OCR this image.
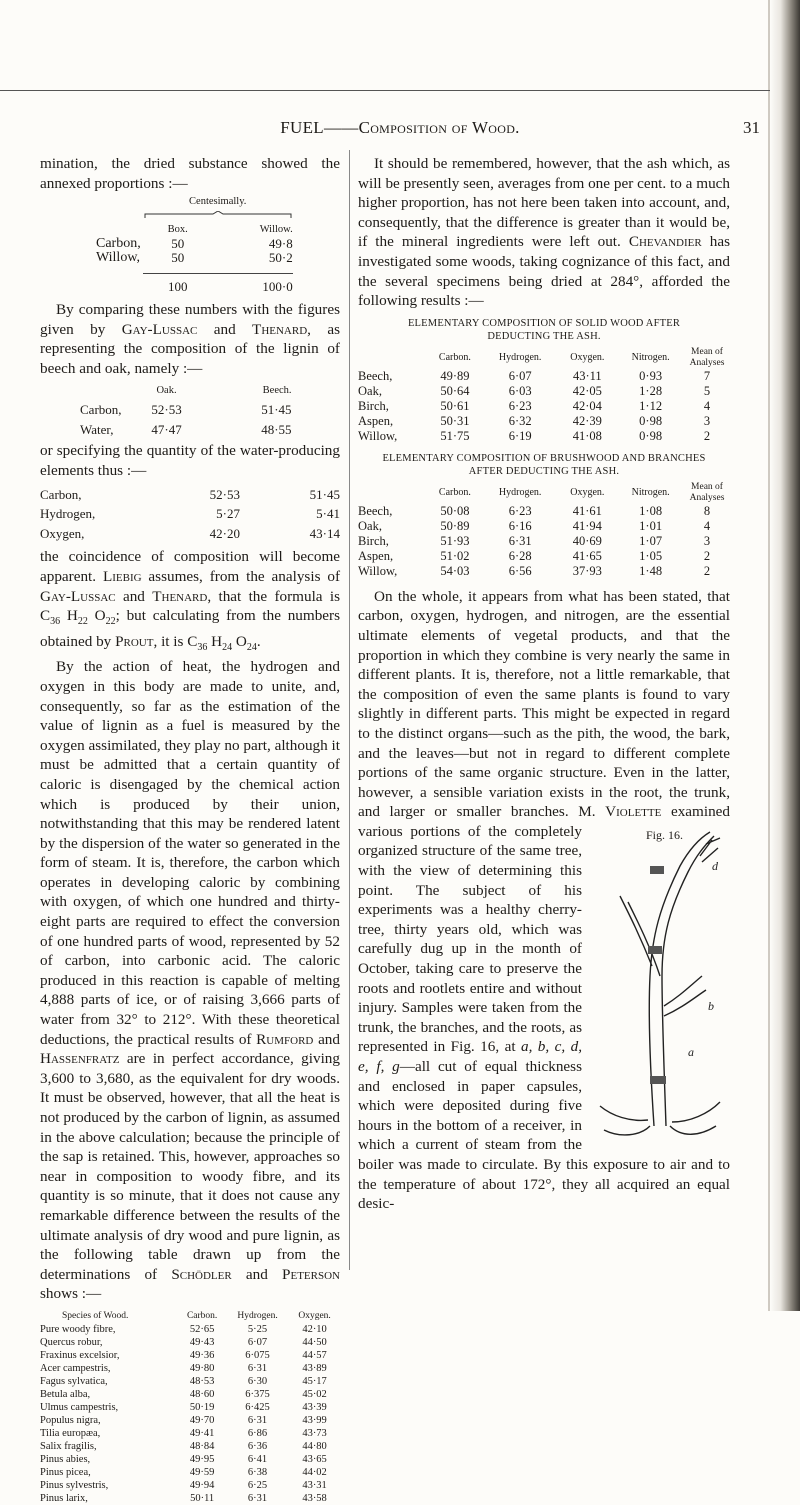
FUEL——Composition of Wood.	31

mination, the dried substance showed the annexed proportions :—

	Centesimally.	

	Box.	Willow.
Carbon,	50	49·8
Willow,	50	50·2

	100	100·0

By comparing these numbers with the figures given by Gay-Lussac and Thenard, as representing the composition of the lignin of beech and oak, namely :—

	Oak.	Beech.
Carbon,	52·53	51·45
Water,	47·47	48·55

or specifying the quantity of the water-producing elements thus :—

Carbon,	52·53	51·45
Hydrogen,	5·27	5·41
Oxygen,	42·20	43·14

the coincidence of composition will become apparent. Liebig assumes, from the analysis of Gay-Lussac and Thenard, that the formula is $C_{36}$ $H_{22}$ $O_{22}$; but calculating from the numbers obtained by Prout, it is $C_{36}$ $H_{24}$ $O_{24}$.

By the action of heat, the hydrogen and oxygen in this body are made to unite, and, consequently, so far as the estimation of the value of lignin as a fuel is measured by the oxygen assimilated, they play no part, although it must be admitted that a certain quantity of caloric is disengaged by the chemical action which is produced by their union, notwithstanding that this may be rendered latent by the dispersion of the water so generated in the form of steam. It is, therefore, the carbon which operates in developing caloric by combining with oxygen, of which one hundred and thirty-eight parts are required to effect the conversion of one hundred parts of wood, represented by 52 of carbon, into carbonic acid. The caloric produced in this reaction is capable of melting 4,888 parts of ice, or of raising 3,666 parts of water from 32° to 212°. With these theoretical deductions, the practical results of Rumford and Hassenfratz are in perfect accordance, giving 3,600 to 3,680, as the equivalent for dry woods. It must be observed, however, that all the heat is not produced by the carbon of lignin, as assumed in the above calculation; because the principle of the sap is retained. This, however, approaches so near in composition to woody fibre, and its quantity is so minute, that it does not cause any remarkable difference between the results of the ultimate analysis of dry wood and pure lignin, as the following table drawn up from the determinations of Schödler and Peterson shows :—

Species of Wood.	Carbon.	Hydrogen.	Oxygen.
Pure woody fibre,	52·65	5·25	42·10
Quercus robur,	49·43	6·07	44·50
Fraxinus excelsior,	49·36	6·075	44·57
Acer campestris,	49·80	6·31	43·89
Fagus sylvatica,	48·53	6·30	45·17
Betula alba,	48·60	6·375	45·02
Ulmus campestris,	50·19	6·425	43·39
Populus nigra,	49·70	6·31	43·99
Tilia europæa,	49·41	6·86	43·73
Salix fragilis,	48·84	6·36	44·80
Pinus abies,	49·95	6·41	43·65
Pinus picea,	49·59	6·38	44·02
Pinus sylvestris,	49·94	6·25	43·31
Pinus larix,	50·11	6·31	43·58

It should be remembered, however, that the ash which, as will be presently seen, averages from one per cent. to a much higher proportion, has not here been taken into account, and, consequently, that the difference is greater than it would be, if the mineral ingredients were left out. Chevandier has investigated some woods, taking cognizance of this fact, and the several specimens being dried at 284°, afforded the following results :—

ELEMENTARY COMPOSITION OF SOLID WOOD AFTER
DEDUCTING THE ASH.
	Carbon.	Hydrogen.	Oxygen.	Nitrogen.	Mean of Analyses
Beech,	49·89	6·07	43·11	0·93	7
Oak,	50·64	6·03	42·05	1·28	5
Birch,	50·61	6·23	42·04	1·12	4
Aspen,	50·31	6·32	42·39	0·98	3
Willow,	51·75	6·19	41·08	0·98	2
ELEMENTARY COMPOSITION OF BRUSHWOOD AND BRANCHES
AFTER DEDUCTING THE ASH.
	Carbon.	Hydrogen.	Oxygen.	Nitrogen.	Mean of Analyses
Beech,	50·08	6·23	41·61	1·08	8
Oak,	50·89	6·16	41·94	1·01	4
Birch,	51·93	6·31	40·69	1·07	3
Aspen,	51·02	6·28	41·65	1·05	2
Willow,	54·03	6·56	37·93	1·48	2

On the whole, it appears from what has been stated, that carbon, oxygen, hydrogen, and nitrogen, are the essential ultimate elements of vegetal products, and that the proportion in which they combine is very nearly the same in different plants. It is, therefore, not a little remarkable, that the composition of even the same plants is found to vary slightly in different parts. This might be expected in regard to the distinct organs—such as the pith, the wood, the bark, and the leaves—but not in regard to different complete portions of the same organic structure. Even in the latter, however, a sensible variation exists in the root, the trunk, and larger or smaller branches. M. Violette
Fig. 16.
d
b
a
examined various portions of the completely organized structure of the same tree, with the view of determining this point. The subject of his experiments was a healthy cherry-tree, thirty years old, which was carefully dug up in the month of October, taking care to preserve the roots and rootlets entire and without injury. Samples were taken from the trunk, the branches, and the roots, as represented in Fig. 16, at a, b, c, d, e, f, g—all cut of equal thickness and enclosed in paper capsules, which were deposited during five hours in the bottom of a receiver, in which a current of steam from the boiler was made to circulate. By this exposure to air and to the temperature of about 172°, they all acquired an equal desic-
